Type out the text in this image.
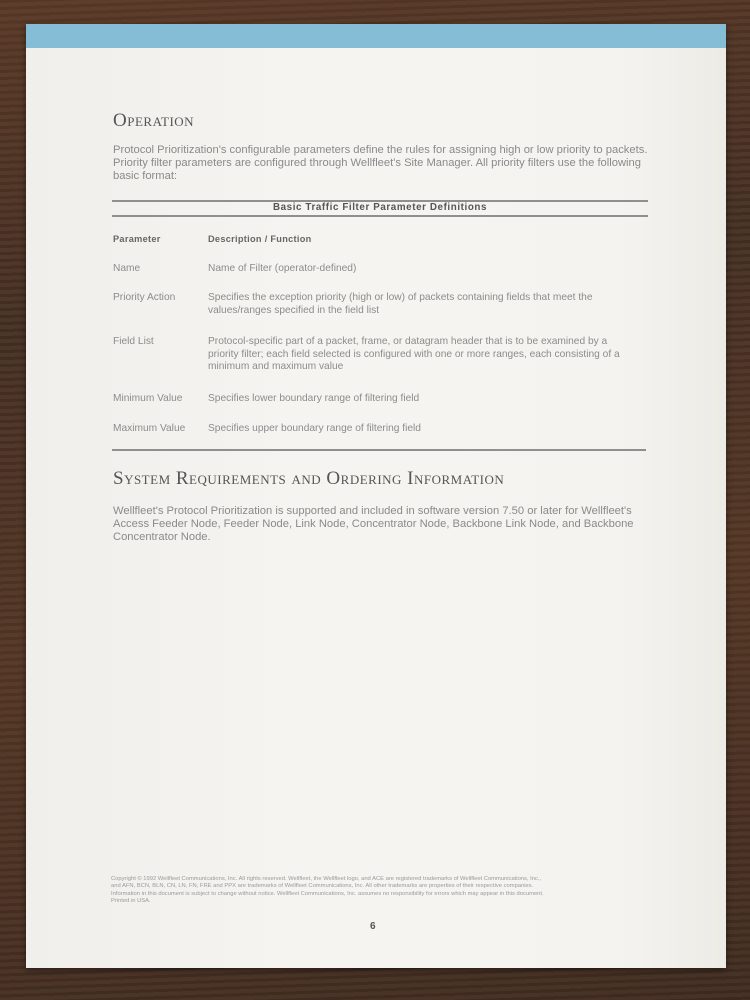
Operation
Protocol Prioritization's configurable parameters define the rules for assigning high or low priority to packets. Priority filter parameters are configured through Wellfleet's Site Manager. All priority filters use the following basic format:
Basic Traffic Filter Parameter Definitions
Parameter	Description / Function
Name	Name of Filter (operator-defined)
Priority Action	Specifies the exception priority (high or low) of packets containing fields that meet the values/ranges specified in the field list
Field List	Protocol-specific part of a packet, frame, or datagram header that is to be examined by a priority filter; each field selected is configured with one or more ranges, each consisting of a minimum and maximum value
Minimum Value	Specifies lower boundary range of filtering field
Maximum Value	Specifies upper boundary range of filtering field
System Requirements and Ordering Information
Wellfleet's Protocol Prioritization is supported and included in software version 7.50 or later for Wellfleet's Access Feeder Node, Feeder Node, Link Node, Concentrator Node, Backbone Link Node, and Backbone Concentrator Node.
Copyright © 1992 Wellfleet Communications, Inc. All rights reserved. Wellfleet, the Wellfleet logo, and ACE are registered trademarks of Wellfleet Communications, Inc.,
and AFN, BCN, BLN, CN, LN, FN, FRE and PPX are trademarks of Wellfleet Communications, Inc. All other trademarks are properties of their respective companies.
Information in this document is subject to change without notice. Wellfleet Communications, Inc. assumes no responsibility for errors which may appear in this document.
Printed in USA.
6
